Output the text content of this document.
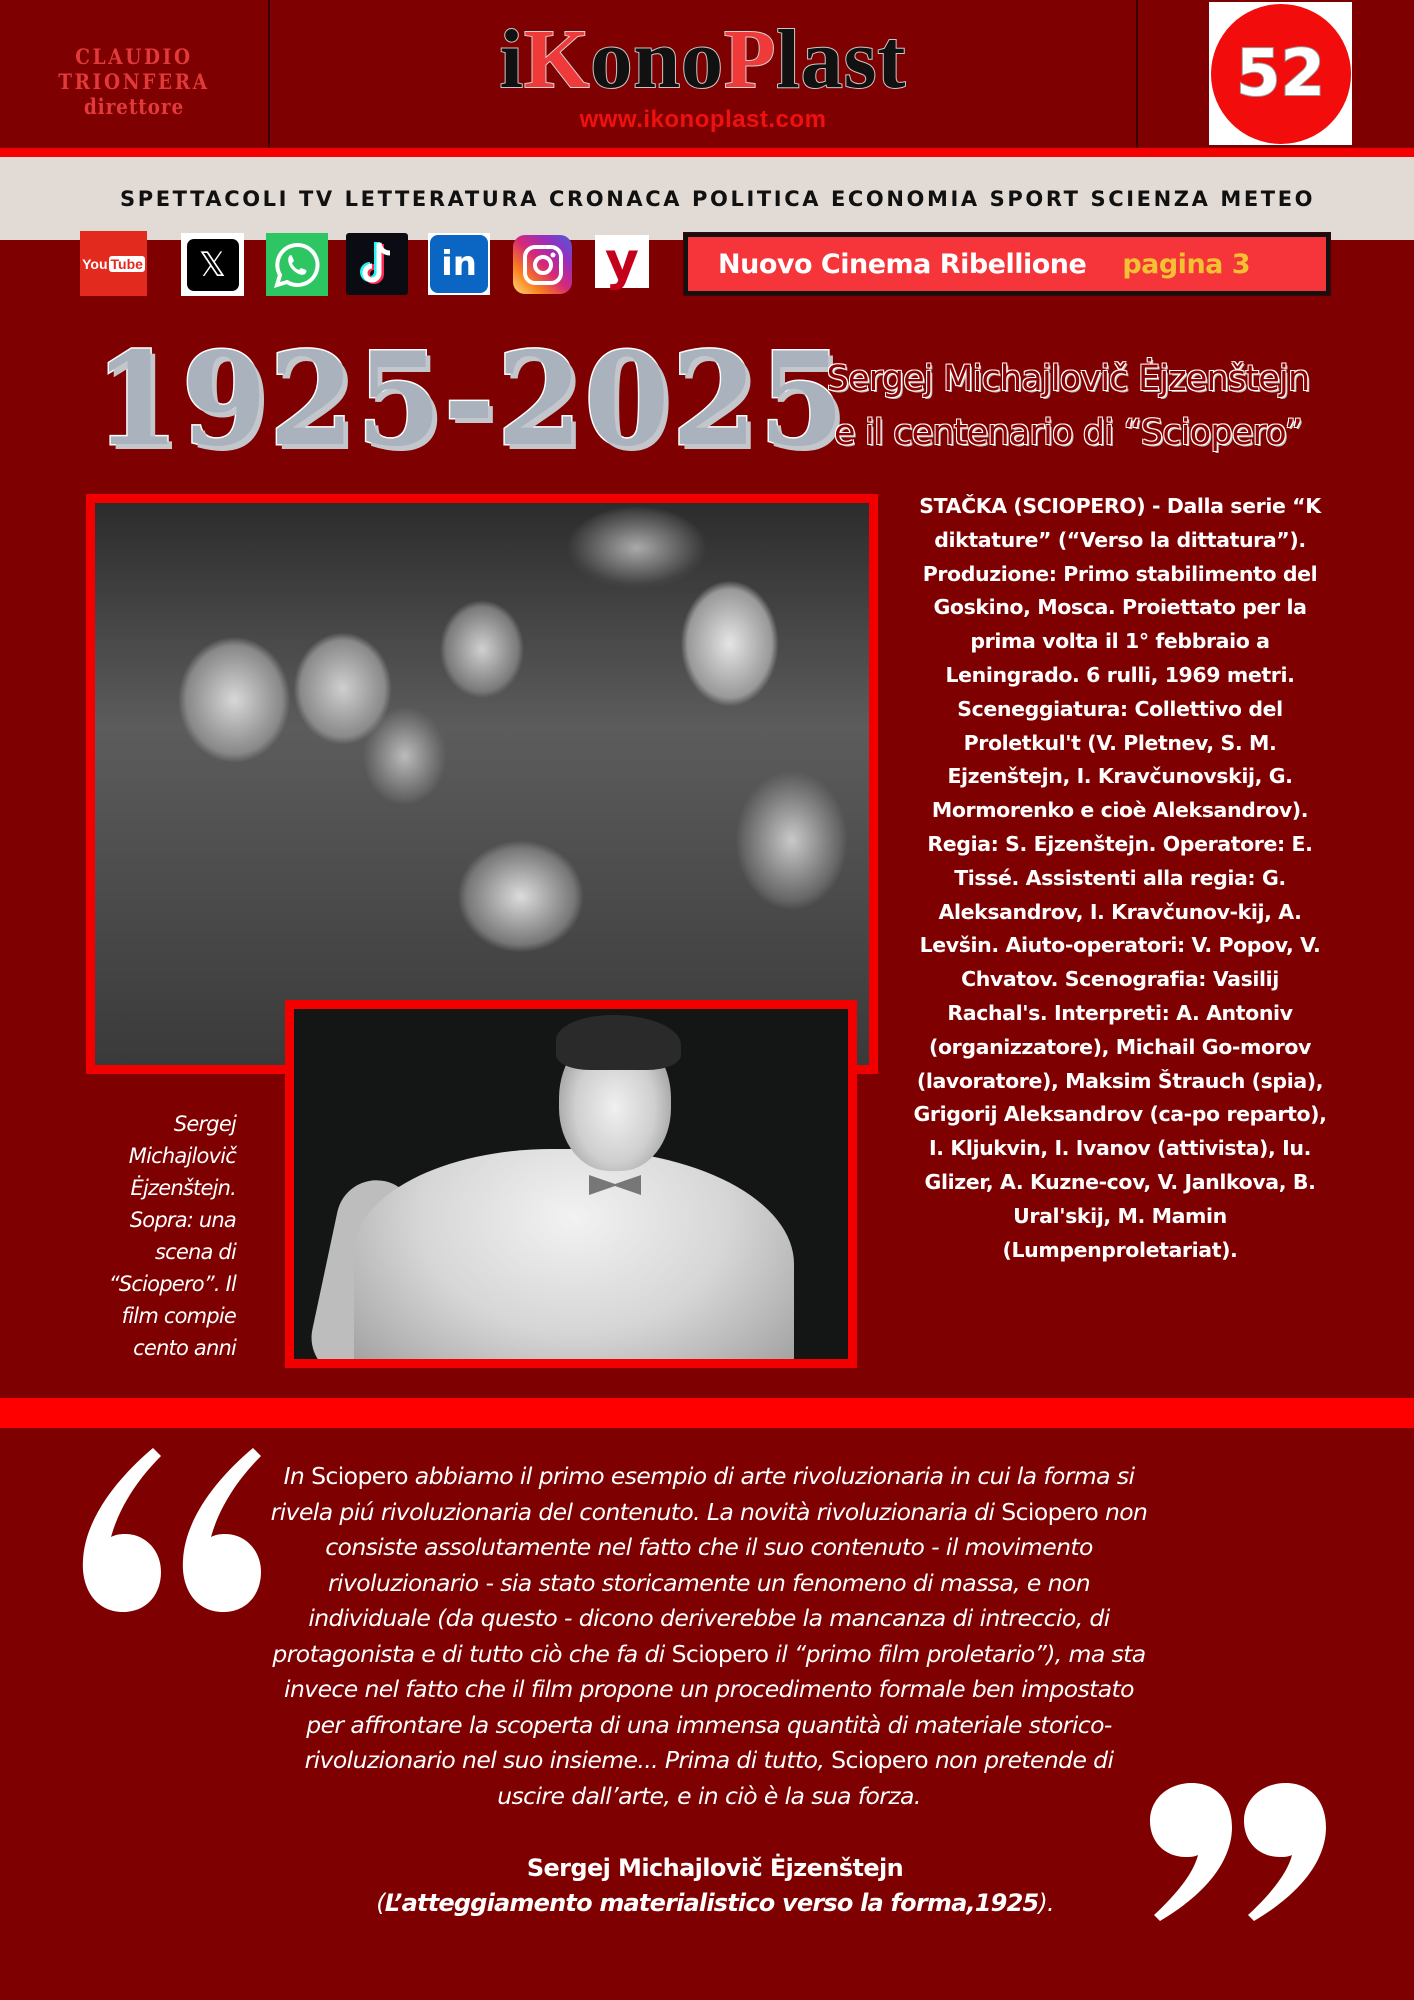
CLAUDIO
TRIONFERA
direttore
iKonoPlast
www.ikonoplast.com
52
SPETTACOLI TV LETTERATURA CRONACA POLITICA ECONOMIA SPORT SCIENZA METEO
You Tube	𝕏	in y	Nuovo Cinema Ribellione pagina 3
1925-2025
Sergej Michajlovič Ėjzenštejn
e il centenario di “Sciopero”
Sergej Michajlovič Ėjzenštejn. Sopra: una scena di “Sciopero”. Il film compie cento anni
STAČKA (SCIOPERO) - Dalla serie “K diktature” (“Verso la dittatura”). Produzione: Primo stabilimento del Goskino, Mosca. Proiettato per la prima volta il 1° febbraio a Leningrado. 6 rulli, 1969 metri. Sceneggiatura: Collettivo del Proletkul't (V. Pletnev, S. M. Ejzenštejn, I. Kravčunovskij, G. Mormorenko e cioè Aleksandrov). Regia: S. Ejzenštejn. Operatore: E. Tissé. Assistenti alla regia: G. Aleksandrov, I. Kravčunov-kij, A. Levšin. Aiuto-operatori: V. Popov, V. Chvatov. Scenografia: Vasilij Rachal's. Interpreti: A. Antoniv (organizzatore), Michail Go-morov (lavoratore), Maksim Štrauch (spia), Grigorij Aleksandrov (ca-po reparto), I. Kljukvin, I. Ivanov (attivista), Iu. Glizer, A. Kuzne-cov, V. Janlkova, B. Ural'skij, M. Mamin (Lumpenproletariat).
In Sciopero abbiamo il primo esempio di arte rivoluzionaria in cui la forma si rivela piú rivoluzionaria del contenuto. La novità rivoluzionaria di Sciopero non consiste assolutamente nel fatto che il suo contenuto - il movimento rivoluzionario - sia stato storicamente un fenomeno di massa, e non individuale (da questo - dicono deriverebbe la mancanza di intreccio, di protagonista e di tutto ciò che fa di Sciopero il “primo film proletario”), ma sta invece nel fatto che il film propone un procedimento formale ben impostato per affrontare la scoperta di una immensa quantità di materiale storico-rivoluzionario nel suo insieme... Prima di tutto, Sciopero non pretende di uscire dall’arte, e in ciò è la sua forza.
Sergej Michajlovič Ėjzenštejn
(L’atteggiamento materialistico verso la forma,1925).
